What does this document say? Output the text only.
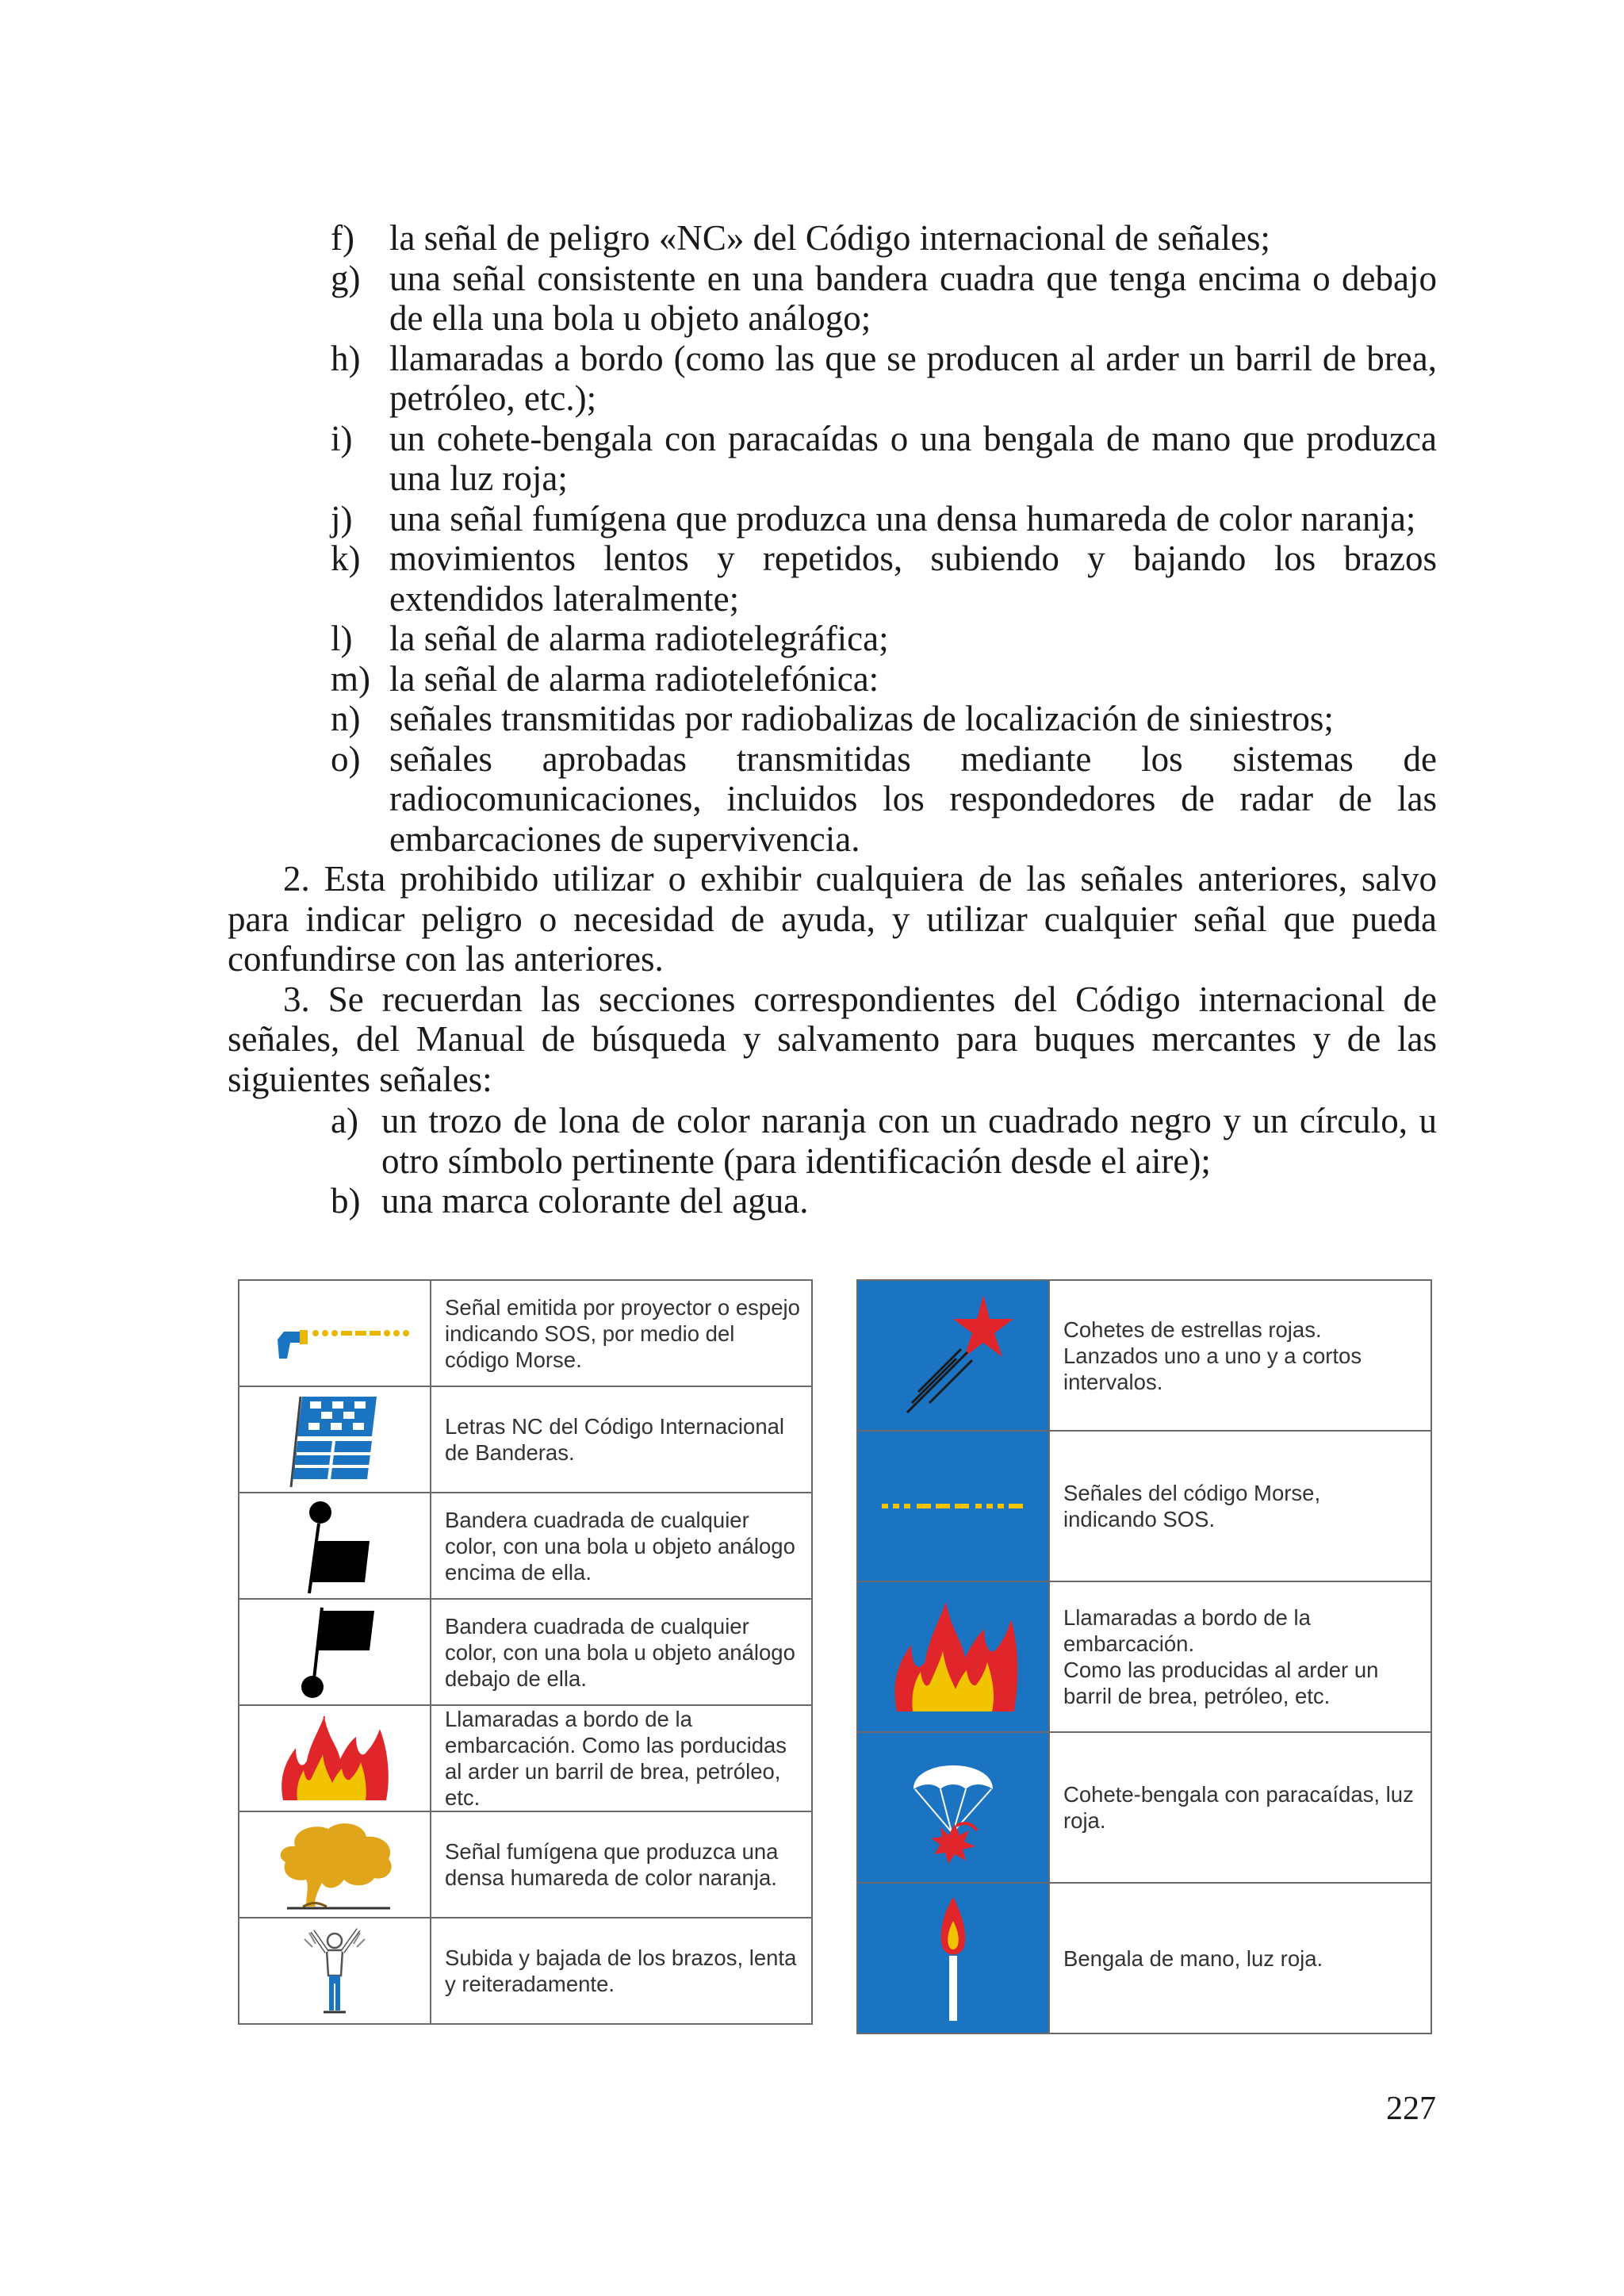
f) la señal de peligro «NC» del Código internacional de señales;
g) una señal consistente en una bandera cuadra que tenga encima o debajo de ella una bola u objeto análogo;
h) llamaradas a bordo (como las que se producen al arder un barril de brea, petróleo, etc.);
i)	un cohete-bengala con paracaídas o una bengala de mano que produzca una luz roja;
j)	una señal fumígena que produzca una densa humareda de color naranja;
k) movimientos lentos y repetidos, subiendo y bajando los brazos extendidos lateralmente;
l)	la señal de alarma radiotelegráfica;
m) la señal de alarma radiotelefónica:
n) señales transmitidas por radiobalizas de localización de siniestros;
o) señales aprobadas transmitidas mediante los sistemas de radiocomunicaciones, incluidos los respondedores de radar de las embarcaciones de supervivencia.
2. Esta prohibido utilizar o exhibir cualquiera de las señales anteriores, salvo para indicar peligro o necesidad de ayuda, y utilizar cualquier señal que pueda confundirse con las anteriores.
3. Se recuerdan las secciones correspondientes del Código internacional de señales, del Manual de búsqueda y salvamento para buques mercantes y de las siguientes señales:
a) un trozo de lona de color naranja con un cuadrado negro y un círculo, u otro símbolo pertinente (para identificación desde el aire);
b) una marca colorante del agua.
	Señal emitida por proyector o espejo indicando SOS, por medio del código Morse.

	Letras NC del Código Internacional de Banderas.

	Bandera cuadrada de cualquier color, con una bola u objeto análogo encima de ella.

	Bandera cuadrada de cualquier color, con una bola u objeto análogo debajo de ella.

	Llamaradas a bordo de la embarcación. Como las porducidas al arder un barril de brea, petróleo, etc.

	Señal fumígena que produzca una densa humareda de color naranja.

	Subida y bajada de los brazos, lenta y reiteradamente.
	Cohetes de estrellas rojas.
Lanzados uno a uno y a cortos intervalos.

	Señales del código Morse, indicando SOS.

	Llamaradas a bordo de la embarcación.
Como las producidas al arder un barril de brea, petróleo, etc.

	Cohete-bengala con paracaídas, luz roja.

	Bengala de mano, luz roja.
227
